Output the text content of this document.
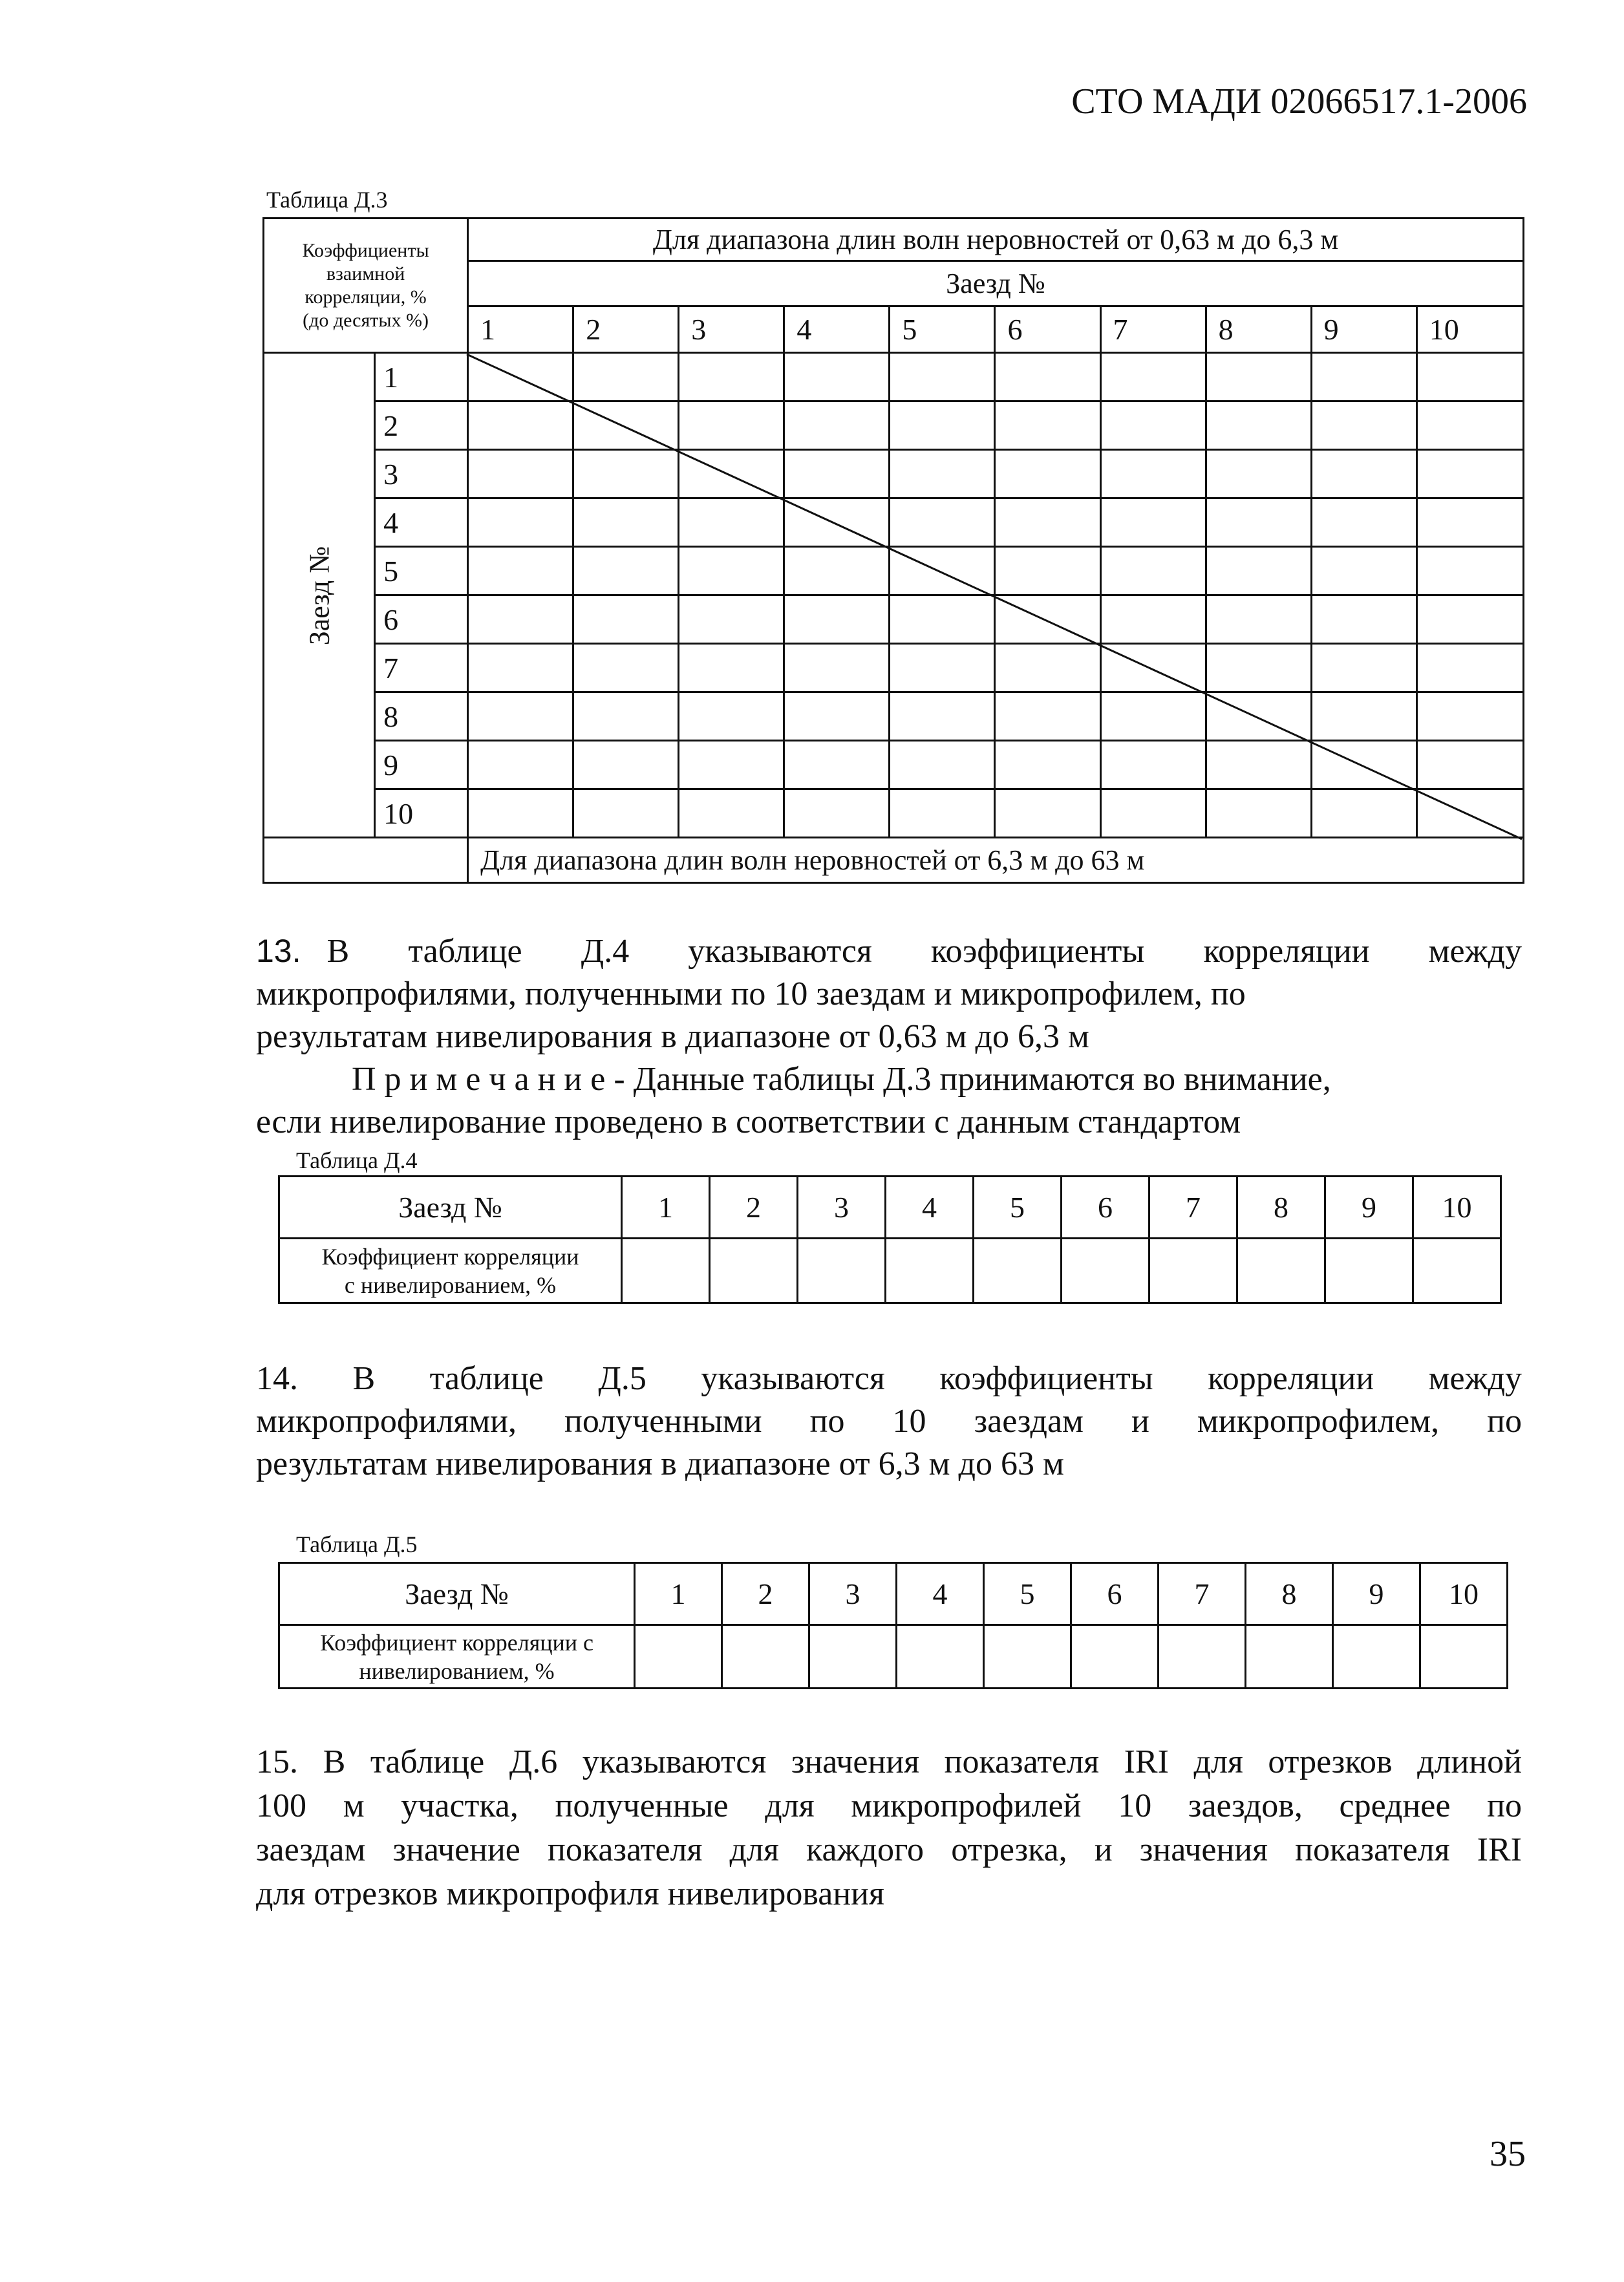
СТО МАДИ 02066517.1-2006
Таблица Д.3
Коэффициенты
взаимной
корреляции, %
(до десятых %)		Для диапазона длин волн неровностей от 0,63 м до 6,3 м									
		Заезд №									
		1	2	3	4	5	6	7	8	9	10
Заезд №	1										
	2										
	3										
	4										
	5										
	6										
	7										
	8										
	9										
	10										
		Для диапазона длин волн неровностей от 6,3 м до 63 м									
13. В таблице Д.4 указываются коэффициенты корреляции между
микропрофилями, полученными по 10 заездам и микропрофилем, по
результатам нивелирования в диапазоне от 0,63 м до 6,3 м
П р и м е ч а н и е - Данные таблицы Д.3 принимаются во внимание,
если нивелирование проведено в соответствии с данным стандартом
Таблица Д.4
Заезд №	1	2	3	4	5	6	7	8	9	10

Коэффициент корреляции
с нивелированием, %										

14. В таблице Д.5 указываются коэффициенты корреляции между
микропрофилями, полученными по 10 заездам и микропрофилем, по
результатам нивелирования в диапазоне от 6,3 м до 63 м
Таблица Д.5
Заезд №	1	2	3	4	5	6	7	8	9	10

Коэффициент корреляции с
нивелированием, %										

15. В таблице Д.6 указываются значения показателя IRI для отрезков длиной
100 м участка, полученные для микропрофилей 10 заездов, среднее по
заездам значение показателя для каждого отрезка, и значения показателя IRI
для отрезков микропрофиля нивелирования
35
